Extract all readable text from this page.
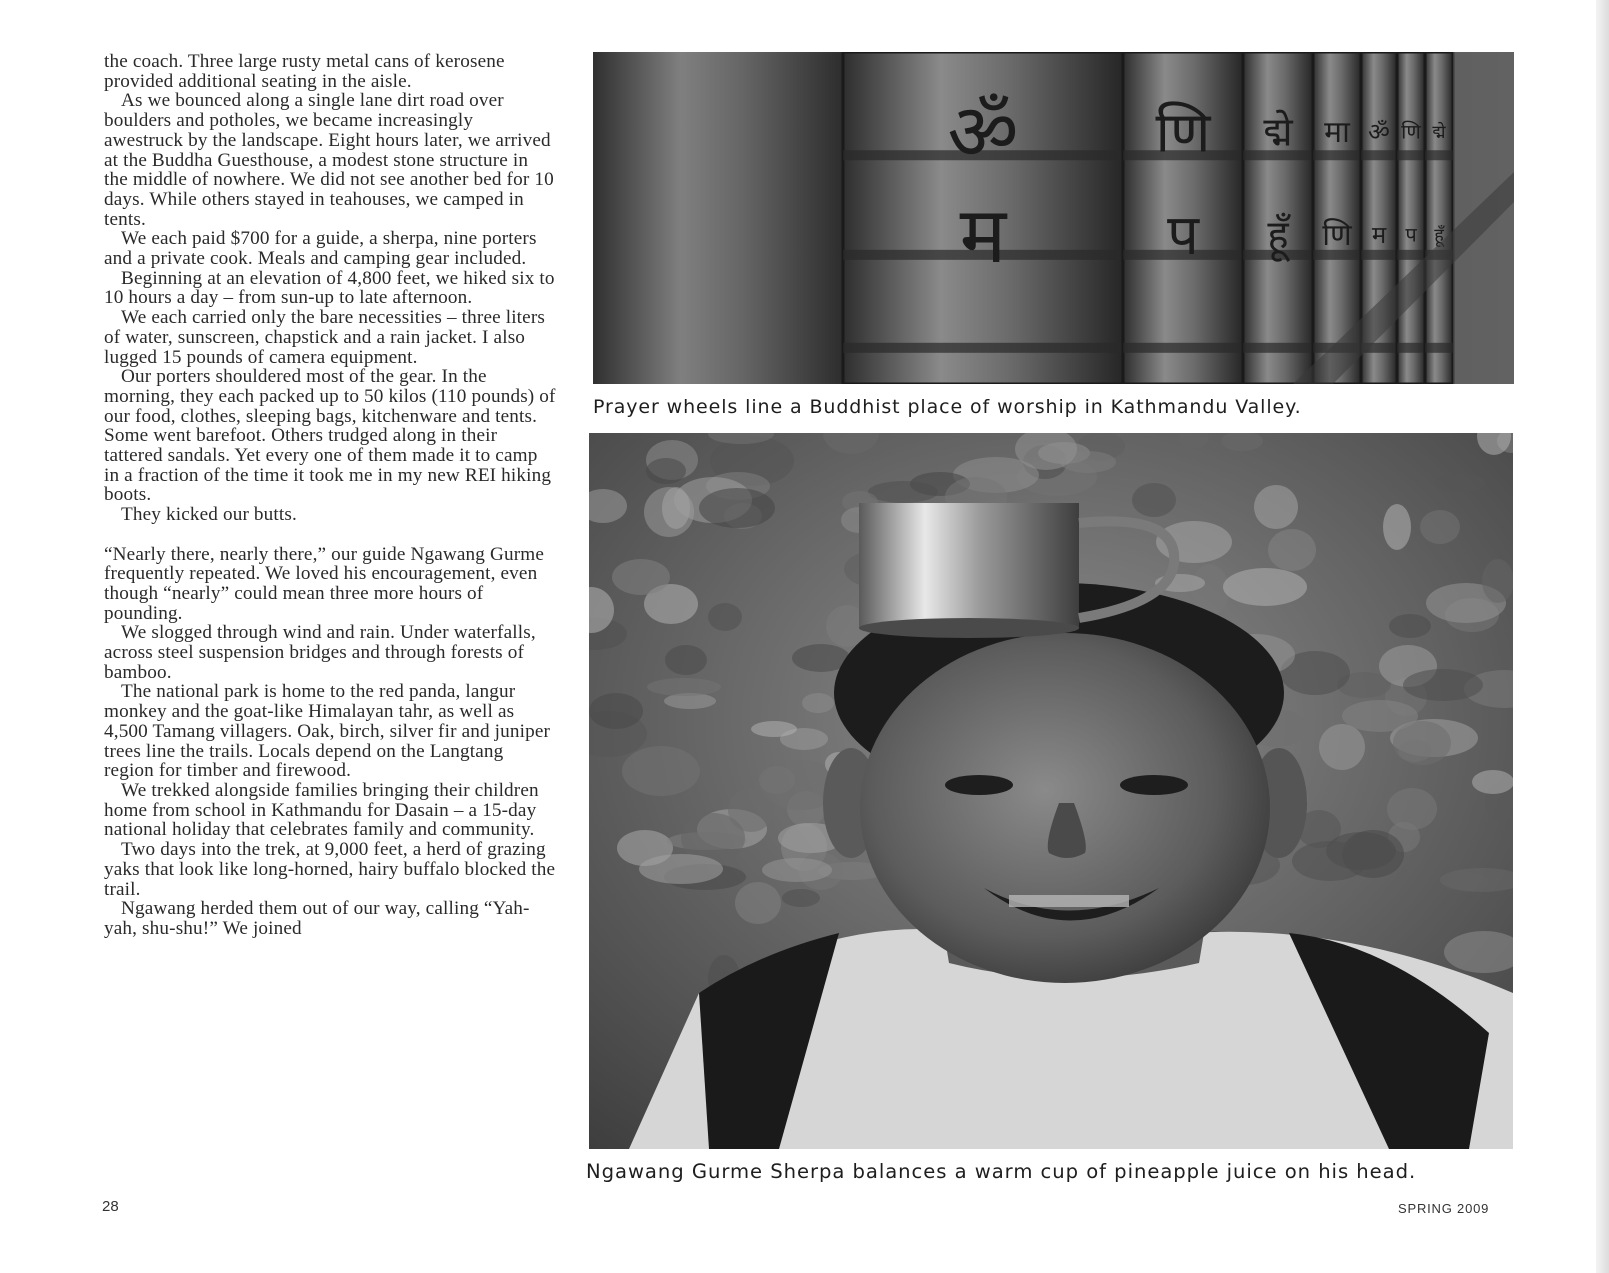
the coach. Three large rusty metal cans of kerosene provided additional seating in the aisle.

As we bounced along a single lane dirt road over boulders and potholes, we became increasingly awestruck by the landscape. Eight hours later, we arrived at the Buddha Guesthouse, a modest stone structure in the middle of nowhere. We did not see another bed for 10 days. While others stayed in teahouses, we camped in tents.

We each paid $700 for a guide, a sherpa, nine porters and a private cook. Meals and camping gear included.

Beginning at an elevation of 4,800 feet, we hiked six to 10 hours a day – from sun-up to late afternoon.

We each carried only the bare necessities – three liters of water, sunscreen, chapstick and a rain jacket. I also lugged 15 pounds of camera equipment.

Our porters shouldered most of the gear. In the morning, they each packed up to 50 kilos (110 pounds) of our food, clothes, sleeping bags, kitchenware and tents. Some went barefoot. Others trudged along in their tattered sandals. Yet every one of them made it to camp in a fraction of the time it took me in my new REI hiking boots.

They kicked our butts.

“Nearly there, nearly there,” our guide Ngawang Gurme frequently repeated. We loved his encouragement, even though “nearly” could mean three more hours of pounding.

We slogged through wind and rain. Under waterfalls, across steel suspension bridges and through forests of bamboo.

The national park is home to the red panda, langur monkey and the goat-like Himalayan tahr, as well as 4,500 Tamang villagers. Oak, birch, silver fir and juniper trees line the trails. Locals depend on the Langtang region for timber and firewood.

We trekked alongside families bringing their children home from school in Kathmandu for Dasain – a 15-day national holiday that celebrates family and community.

Two days into the trek, at 9,000 feet, a herd of grazing yaks that look like long-horned, hairy buffalo blocked the trail.

Ngawang herded them out of our way, calling “Yah-yah, shu-shu!” We joined

ॐ
म
णि
प
द्मे
हूँ
मा
णि
ॐ
म
णि
प
द्मे
हूँ
Prayer wheels line a Buddhist place of worship in Kathmandu Valley.
Ngawang Gurme Sherpa balances a warm cup of pineapple juice on his head.
28	SPRING 2009
